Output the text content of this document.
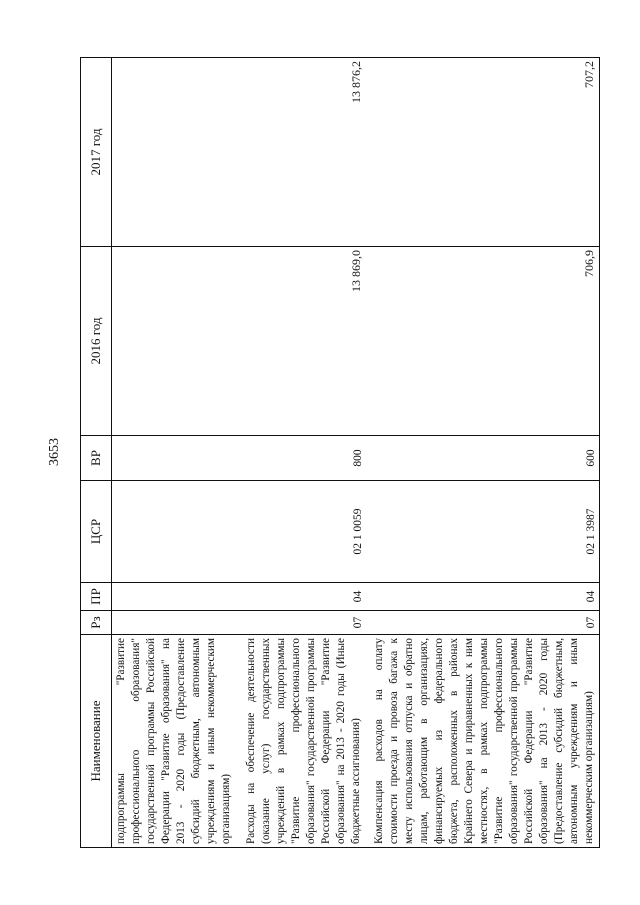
3653
Наименование	Рз	ПР	ЦСР	ВР	2016 год	2017 год

подпрограммы "Развитие профессионального образования" государственной программы Российской Федерации "Развитие образования" на 2013 - 2020 годы (Предоставление субсидий бюджетным, автономным учреждениям и иным некоммерческим организациям)						

Расходы на обеспечение деятельности (оказание услуг) государственных учреждений в рамках подпрограммы "Развитие профессионального образования" государственной программы Российской Федерации "Развитие образования" на 2013 - 2020 годы (Иные бюджетные ассигнования)	07	04	02 1 0059	800	13 869,0	13 876,2

Компенсация расходов на оплату стоимости проезда и провоза багажа к месту использования отпуска и обратно лицам, работающим в организациях, финансируемых из федерального бюджета, расположенных в районах Крайнего Севера и приравненных к ним местностях, в рамках подпрограммы "Развитие профессионального образования" государственной программы Российской Федерации "Развитие образования" на 2013 - 2020 годы (Предоставление субсидий бюджетным, автономным учреждениям и иным некоммерческим организациям)	07	04	02 1 3987	600	706,9	707,2
